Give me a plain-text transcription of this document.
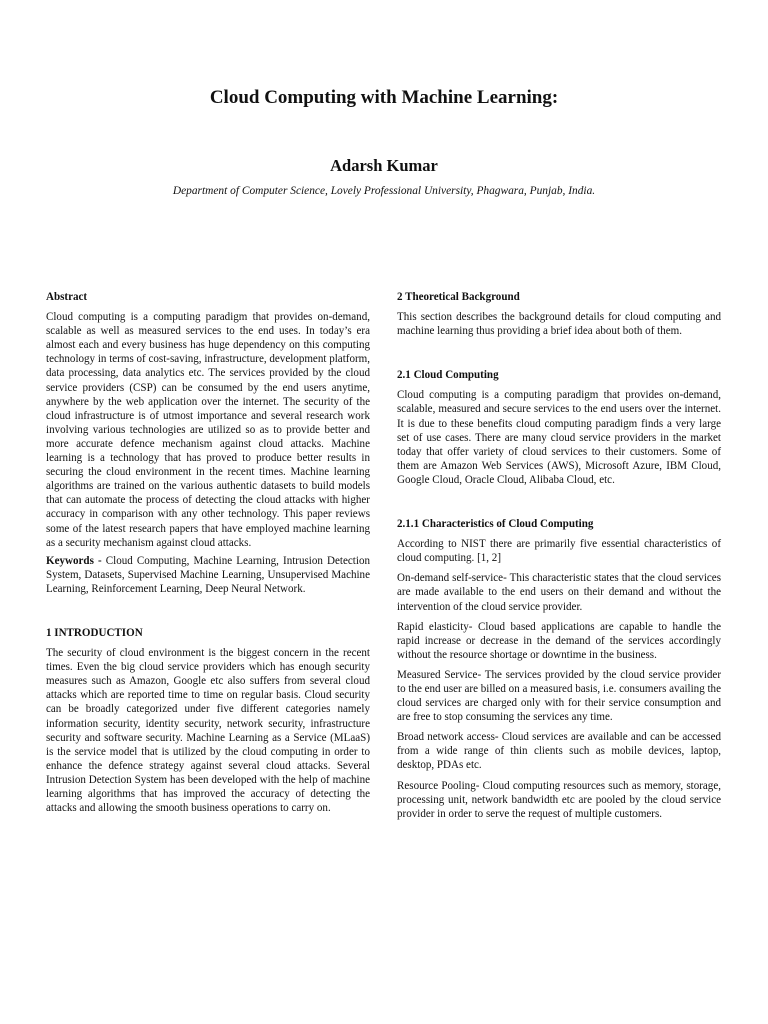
Cloud Computing with Machine Learning:
Adarsh Kumar
Department of Computer Science, Lovely Professional University, Phagwara, Punjab, India.
Abstract

Cloud computing is a computing paradigm that provides on-demand, scalable as well as measured services to the end uses. In today’s era almost each and every business has huge dependency on this computing technology in terms of cost-saving, infrastructure, development platform, data processing, data analytics etc. The services provided by the cloud service providers (CSP) can be consumed by the end users anytime, anywhere by the web application over the internet. The security of the cloud infrastructure is of utmost importance and several research work involving various technologies are utilized so as to provide better and more accurate defence mechanism against cloud attacks. Machine learning is a technology that has proved to produce better results in securing the cloud environment in the recent times. Machine learning algorithms are trained on the various authentic datasets to build models that can automate the process of detecting the cloud attacks with higher accuracy in comparison with any other technology. This paper reviews some of the latest research papers that have employed machine learning as a security mechanism against cloud attacks.

Keywords - Cloud Computing, Machine Learning, Intrusion Detection System, Datasets, Supervised Machine Learning, Unsupervised Machine Learning, Reinforcement Learning, Deep Neural Network.

1 INTRODUCTION

The security of cloud environment is the biggest concern in the recent times. Even the big cloud service providers which has enough security measures such as Amazon, Google etc also suffers from several cloud attacks which are reported time to time on regular basis. Cloud security can be broadly categorized under five different categories namely information security, identity security, network security, infrastructure security and software security. Machine Learning as a Service (MLaaS) is the service model that is utilized by the cloud computing in order to enhance the defence strategy against several cloud attacks. Several Intrusion Detection System has been developed with the help of machine learning algorithms that has improved the accuracy of detecting the attacks and allowing the smooth business operations to carry on.

2 Theoretical Background

This section describes the background details for cloud computing and machine learning thus providing a brief idea about both of them.

2.1 Cloud Computing

Cloud computing is a computing paradigm that provides on-demand, scalable, measured and secure services to the end users over the internet. It is due to these benefits cloud computing paradigm finds a very large set of use cases. There are many cloud service providers in the market today that offer variety of cloud services to their customers. Some of them are Amazon Web Services (AWS), Microsoft Azure, IBM Cloud, Google Cloud, Oracle Cloud, Alibaba Cloud, etc.

2.1.1 Characteristics of Cloud Computing

According to NIST there are primarily five essential characteristics of cloud computing. [1, 2]

On-demand self-service- This characteristic states that the cloud services are made available to the end users on their demand and without the intervention of the cloud service provider.

Rapid elasticity- Cloud based applications are capable to handle the rapid increase or decrease in the demand of the services accordingly without the resource shortage or downtime in the business.

Measured Service- The services provided by the cloud service provider to the end user are billed on a measured basis, i.e. consumers availing the cloud services are charged only with for their service consumption and are free to stop consuming the services any time.

Broad network access- Cloud services are available and can be accessed from a wide range of thin clients such as mobile devices, laptop, desktop, PDAs etc.

Resource Pooling- Cloud computing resources such as memory, storage, processing unit, network bandwidth etc are pooled by the cloud service provider in order to serve the request of multiple customers.
